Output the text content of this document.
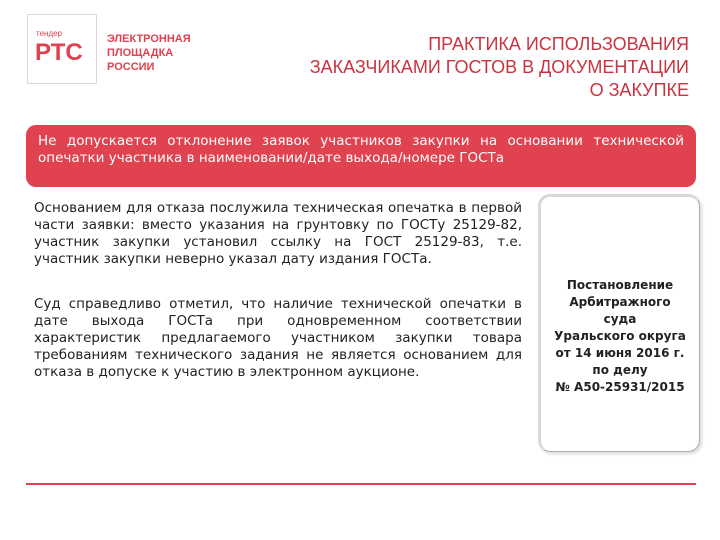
тендер
РТС ЭЛЕКТРОННАЯ
ПЛОЩАДКА
РОССИИ
ПРАКТИКА ИСПОЛЬЗОВАНИЯ
ЗАКАЗЧИКАМИ ГОСТОВ В ДОКУМЕНТАЦИИ
О ЗАКУПКЕ
Не допускается отклонение заявок участников закупки на основании технической опечатки участника в наименовании/дате выхода/номере ГОСТа

Основанием для отказа послужила техническая опечатка в первой части заявки: вместо указания на грунтовку по ГОСТу 25129-82, участник закупки установил ссылку на ГОСТ 25129-83, т.е. участник закупки неверно указал дату издания ГОСТа.

Суд справедливо отметил, что наличие технической опечатки в дате выхода ГОСТа при одновременном соответствии характеристик предлагаемого участником закупки товара требованиям технического задания не является основанием для отказа в допуске к участию в электронном аукционе.

Постановление
Арбитражного
суда
Уральского округа
от 14 июня 2016 г.
по делу
№ А50-25931/2015
